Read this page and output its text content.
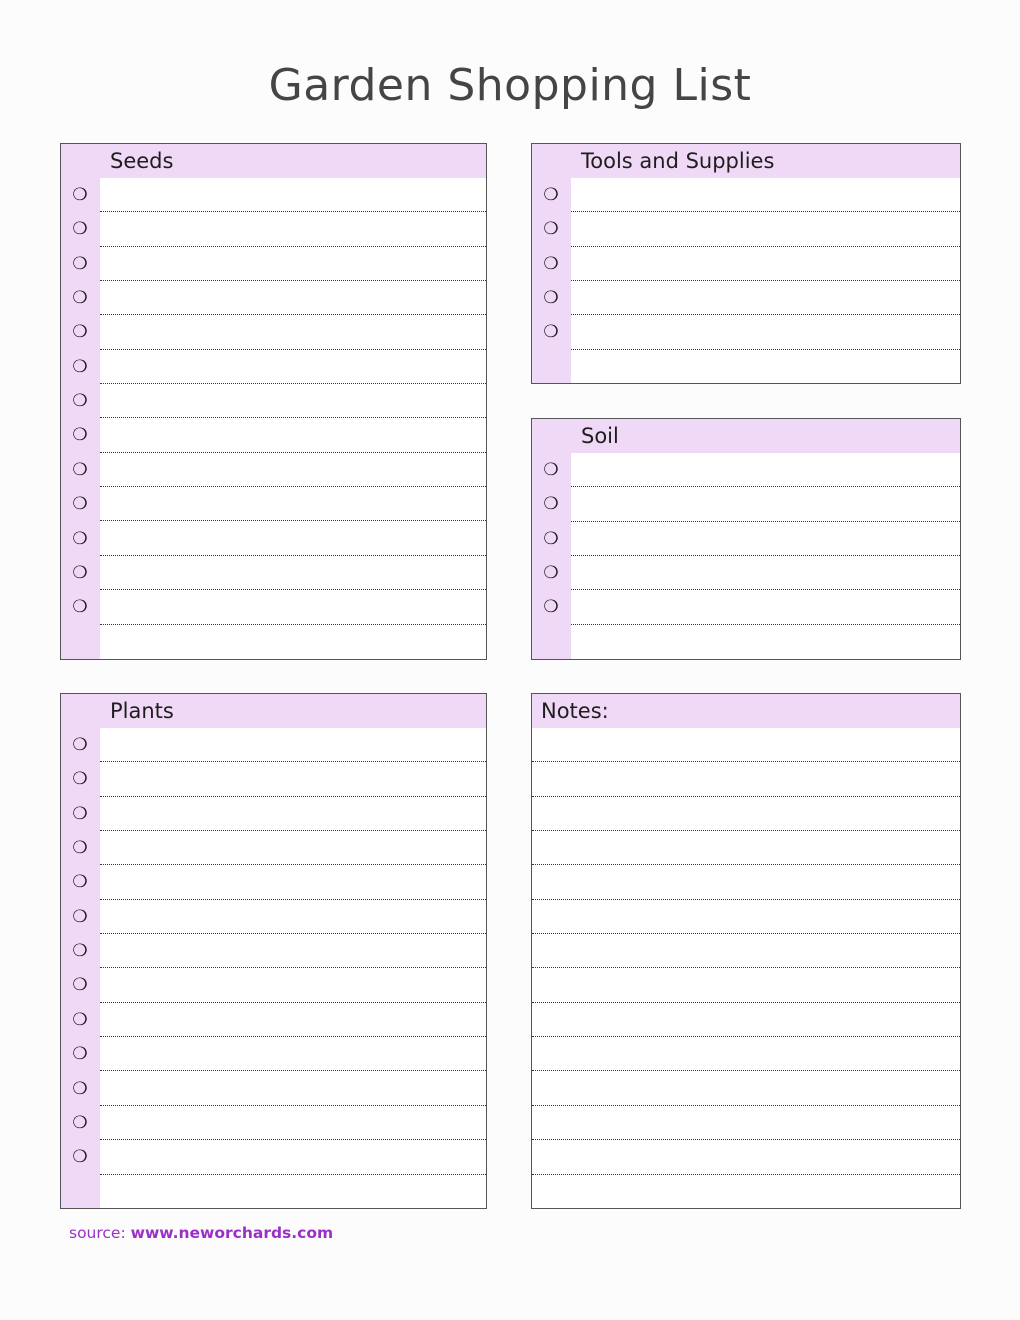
Garden Shopping List
Seeds
❍
❍
❍
❍
❍
❍
❍
❍
❍
❍
❍
❍
❍
Tools and Supplies
❍
❍
❍
❍
❍
Soil
❍
❍
❍
❍
❍
Plants
❍
❍
❍
❍
❍
❍
❍
❍
❍
❍
❍
❍
❍
Notes:
source: www.neworchards.com
